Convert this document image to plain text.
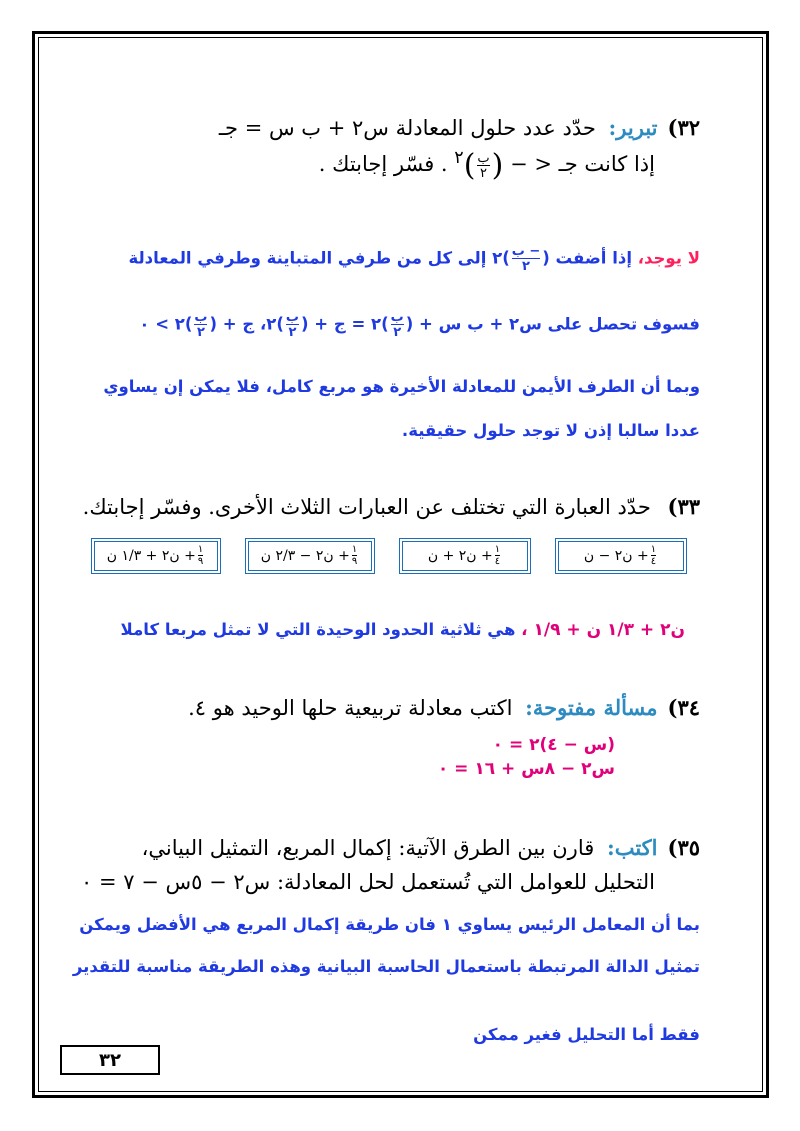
٣٢)تبرير: حدّد عدد حلول المعادلة س٢ + ب س = جـ
إذا كانت جـ < − (
$\frac{\text{ب}}{٢}$
)$^٢$ . فسّر إجابتك .
لا يوجد، إذا أضفت (
$\frac{\text{− ب}}{٢}$
)٢ إلى كل من طرفي المتباينة وطرفي المعادلة
فسوف تحصل على س٢ + ب س + (
$\frac{\text{ب}}{٢}$
)٢ = ج + (
$\frac{\text{ب}}{٢}$
)٢، ج + (
$\frac{\text{ب}}{٢}$
)٢ > ٠
وبما أن الطرف الأيمن للمعادلة الأخيرة هو مربع كامل، فلا يمكن إن يساوي
عددا سالبا إذن لا توجد حلول حقيقية.
٣٣) حدّد العبارة التي تختلف عن العبارات الثلاث الأخرى. وفسّر إجابتك.
ن٢ − ن + $\frac{١}{٤}$
ن٢ + ن + $\frac{١}{٤}$
ن٢ − ٢/٣ ن + $\frac{١}{٩}$
ن٢ + ١/٣ ن + $\frac{١}{٩}$
ن٢ + ١/٣ ن + ١/٩ ، هي ثلاثية الحدود الوحيدة التي لا تمثل مربعا كاملا
٣٤)مسألة مفتوحة: اكتب معادلة تربيعية حلها الوحيد هو ٤.
(س − ٤)٢ = ٠
س٢ − ٨س + ١٦ = ٠
٣٥)اكتب: قارن بين الطرق الآتية: إكمال المربع، التمثيل البياني،
التحليل للعوامل التي تُستعمل لحل المعادلة: س٢ − ٥س − ٧ = ٠
بما أن المعامل الرئيس يساوي ١ فان طريقة إكمال المربع هي الأفضل ويمكن
تمثيل الدالة المرتبطة باستعمال الحاسبة البيانية وهذه الطريقة مناسبة للتقدير
فقط أما التحليل فغير ممكن
٣٢
